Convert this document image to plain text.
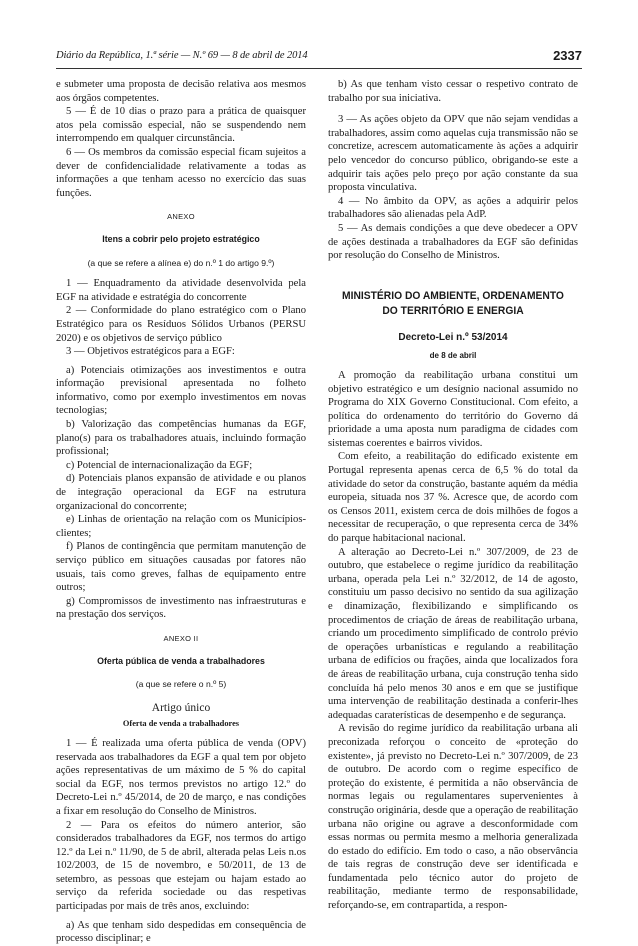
Diário da República, 1.ª série — N.º 69 — 8 de abril de 2014	2337

e submeter uma proposta de decisão relativa aos mesmos aos órgãos competentes.

5 — É de 10 dias o prazo para a prática de quaisquer atos pela comissão especial, não se suspendendo nem interrompendo em qualquer circunstância.

6 — Os membros da comissão especial ficam sujeitos a dever de confidencialidade relativamente a todas as informações a que tenham acesso no exercício das suas funções.

ANEXO

Itens a cobrir pelo projeto estratégico

(a que se refere a alínea e) do n.º 1 do artigo 9.º)

1 — Enquadramento da atividade desenvolvida pela EGF na atividade e estratégia do concorrente

2 — Conformidade do plano estratégico com o Plano Estratégico para os Resíduos Sólidos Urbanos (PERSU 2020) e os objetivos de serviço público

3 — Objetivos estratégicos para a EGF:

a) Potenciais otimizações aos investimentos e outra informação previsional apresentada no folheto informativo, como por exemplo investimentos em novas tecnologias;

b) Valorização das competências humanas da EGF, plano(s) para os trabalhadores atuais, incluindo formação profissional;

c) Potencial de internacionalização da EGF;

d) Potenciais planos expansão de atividade e ou planos de integração operacional da EGF na estrutura organizacional do concorrente;

e) Linhas de orientação na relação com os Municípios-clientes;

f) Planos de contingência que permitam manutenção de serviço público em situações causadas por fatores não usuais, tais como greves, falhas de equipamento entre outros;

g) Compromissos de investimento nas infraestruturas e na prestação dos serviços.

ANEXO II

Oferta pública de venda a trabalhadores

(a que se refere o n.º 5)

Artigo único

Oferta de venda a trabalhadores

1 — É realizada uma oferta pública de venda (OPV) reservada aos trabalhadores da EGF a qual tem por objeto ações representativas de um máximo de 5 % do capital social da EGF, nos termos previstos no artigo 12.º do Decreto-Lei n.º 45/2014, de 20 de março, e nas condições a fixar em resolução do Conselho de Ministros.

2 — Para os efeitos do número anterior, são considerados trabalhadores da EGF, nos termos do artigo 12.º da Lei n.º 11/90, de 5 de abril, alterada pelas Leis n.os 102/2003, de 15 de novembro, e 50/2011, de 13 de setembro, as pessoas que estejam ou hajam estado ao serviço da referida sociedade ou das respetivas participadas por mais de três anos, excluindo:

a) As que tenham sido despedidas em consequência de processo disciplinar; e

b) As que tenham visto cessar o respetivo contrato de trabalho por sua iniciativa.

3 — As ações objeto da OPV que não sejam vendidas a trabalhadores, assim como aquelas cuja transmissão não se concretize, acrescem automaticamente às ações a adquirir pelo vencedor do concurso público, obrigando-se este a adquirir tais ações pelo preço por ação constante da sua proposta vinculativa.

4 — No âmbito da OPV, as ações a adquirir pelos trabalhadores são alienadas pela AdP.

5 — As demais condições a que deve obedecer a OPV de ações destinada a trabalhadores da EGF são definidas por resolução do Conselho de Ministros.

MINISTÉRIO DO AMBIENTE, ORDENAMENTO DO TERRITÓRIO E ENERGIA

Decreto-Lei n.º 53/2014

de 8 de abril

A promoção da reabilitação urbana constitui um objetivo estratégico e um desígnio nacional assumido no Programa do XIX Governo Constitucional. Com efeito, a política do ordenamento do território do Governo dá prioridade a uma aposta num paradigma de cidades com sistemas coerentes e bairros vividos.

Com efeito, a reabilitação do edificado existente em Portugal representa apenas cerca de 6,5 % do total da atividade do setor da construção, bastante aquém da média europeia, situada nos 37 %. Acresce que, de acordo com os Censos 2011, existem cerca de dois milhões de fogos a necessitar de recuperação, o que representa cerca de 34% do parque habitacional nacional.

A alteração ao Decreto-Lei n.º 307/2009, de 23 de outubro, que estabelece o regime jurídico da reabilitação urbana, operada pela Lei n.º 32/2012, de 14 de agosto, constituiu um passo decisivo no sentido da sua agilização e dinamização, flexibilizando e simplificando os procedimentos de criação de áreas de reabilitação urbana, criando um procedimento simplificado de controlo prévio de operações urbanísticas e regulando a reabilitação urbana de edifícios ou frações, ainda que localizados fora de áreas de reabilitação urbana, cuja construção tenha sido concluída há pelo menos 30 anos e em que se justifique uma intervenção de reabilitação destinada a conferir-lhes adequadas caraterísticas de desempenho e de segurança.

A revisão do regime jurídico da reabilitação urbana ali preconizada reforçou o conceito de «proteção do existente», já previsto no Decreto-Lei n.º 307/2009, de 23 de outubro. De acordo com o regime específico de proteção do existente, é permitida a não observância de normas legais ou regulamentares supervenientes à construção originária, desde que a operação de reabilitação urbana não origine ou agrave a desconformidade com essas normas ou permita mesmo a melhoria generalizada do estado do edifício. Em todo o caso, a não observância de tais regras de construção deve ser identificada e fundamentada pelo técnico autor do projeto de reabilitação, mediante termo de responsabilidade, reforçando-se, em contrapartida, a respon-
